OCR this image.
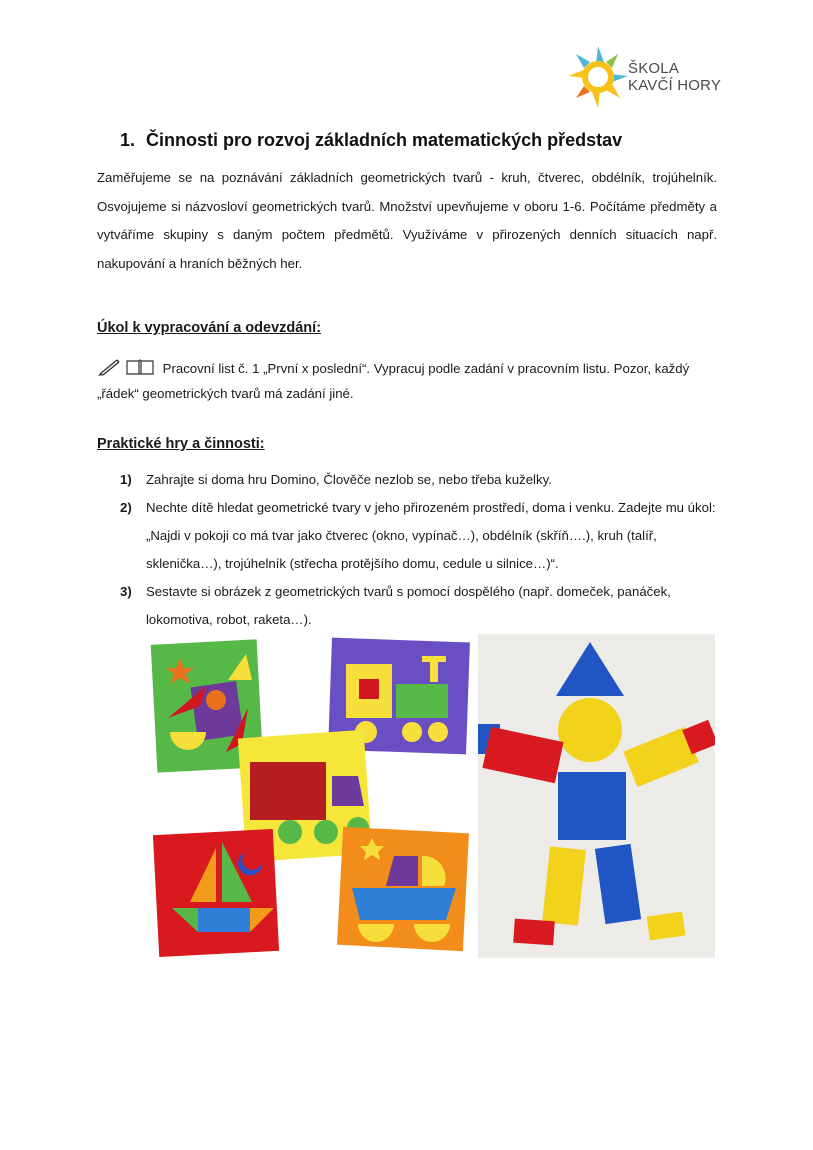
ŠKOLA
KAVČÍ HORY
1. Činnosti pro rozvoj základních matematických představ
Zaměřujeme se na poznávání základních geometrických tvarů - kruh, čtverec, obdélník, trojúhelník. Osvojujeme si názvosloví geometrických tvarů. Množství upevňujeme v oboru 1-6. Počítáme předměty a vytváříme skupiny s daným počtem předmětů. Využíváme v přirozených denních situacích např. nakupování a hraních běžných her.
Úkol k vypracování a odevzdání:
Pracovní list č. 1 „První x poslední“. Vypracuj podle zadání v pracovním listu. Pozor, každý „řádek“ geometrických tvarů má zadání jiné.
Praktické hry a činnosti:
1) Zahrajte si doma hru Domino, Člověče nezlob se, nebo třeba kuželky.
2) Nechte dítě hledat geometrické tvary v jeho přirozeném prostředí, doma i venku. Zadejte mu úkol: „Najdi v pokoji co má tvar jako čtverec (okno, vypínač…), obdélník (skříň….), kruh (talíř, sklenička…), trojúhelník (střecha protějšího domu, cedule u silnice…)“.
3) Sestavte si obrázek z geometrických tvarů s pomocí dospělého (např. domeček, panáček, lokomotiva, robot, raketa…).
